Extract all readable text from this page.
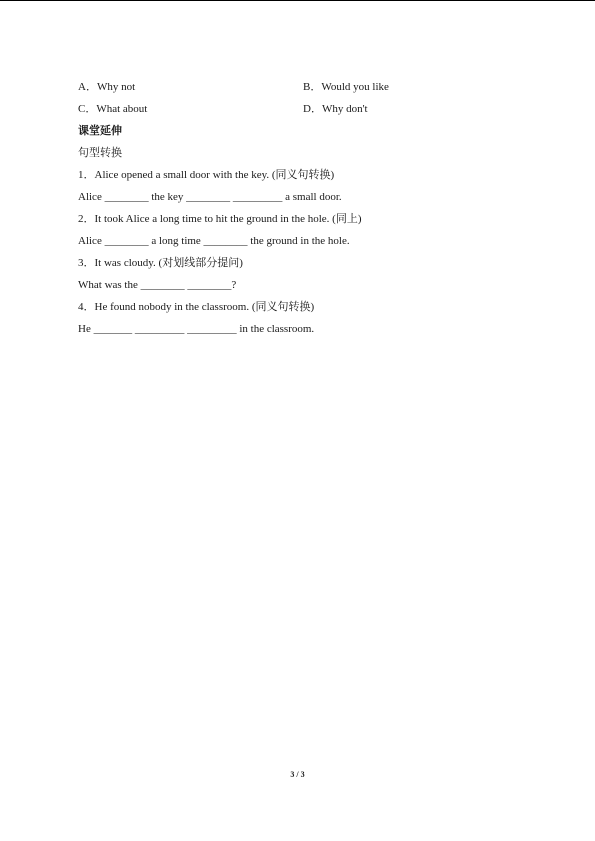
A．Why not	B．Would you like
C．What about	D．Why don't
课堂延伸
句型转换
1．Alice opened a small door with the key. (同义句转换)
Alice ________ the key ________ _________ a small door.
2．It took Alice a long time to hit the ground in the hole. (同上)
Alice ________ a long time ________ the ground in the hole.
3．It was cloudy. (对划线部分提问)
What was the ________ ________?
4．He found nobody in the classroom. (同义句转换)
He _______ _________ _________ in the classroom.
3 / 3
